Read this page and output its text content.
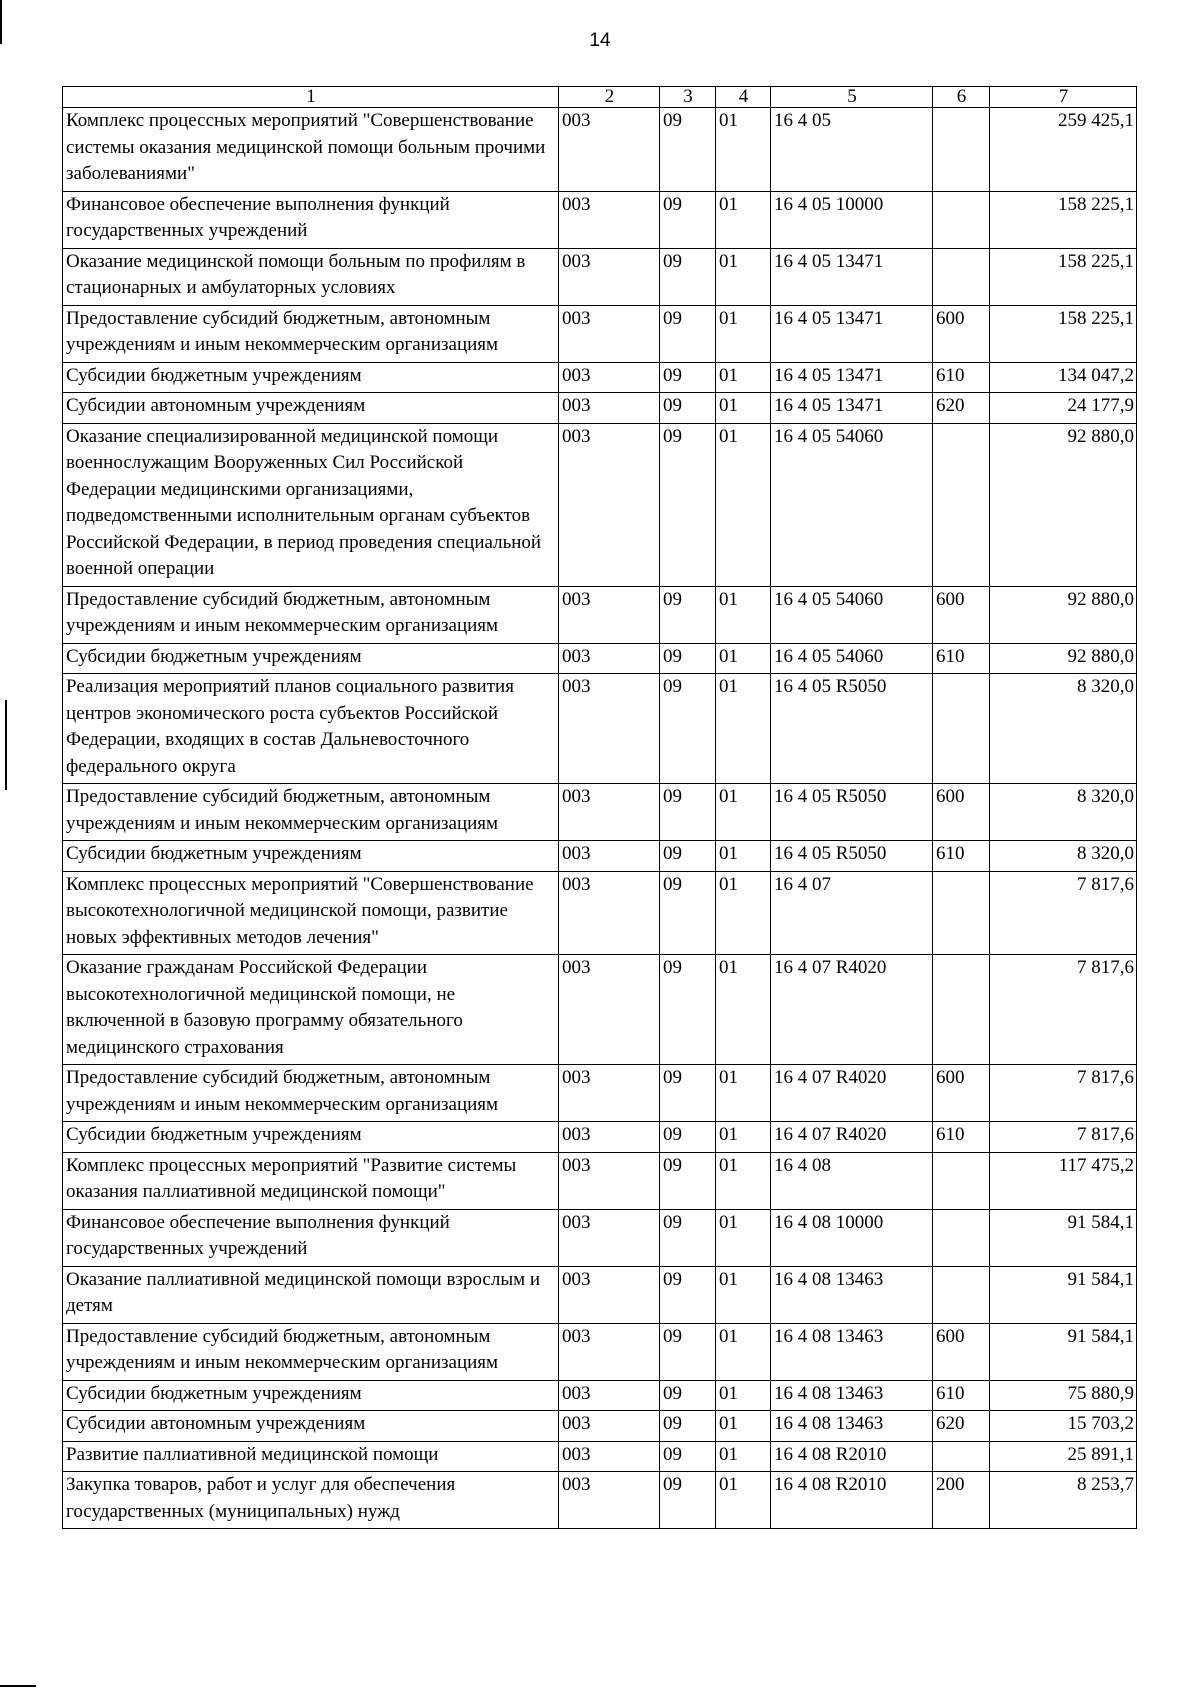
14
1	2	3	4	5	6	7
Комплекс процессных мероприятий "Совершенствование системы оказания медицинской помощи больным прочими заболеваниями"	003	09	01	16 4 05		259 425,1
Финансовое обеспечение выполнения функций государственных учреждений	003	09	01	16 4 05 10000		158 225,1
Оказание медицинской помощи больным по профилям в стационарных и амбулаторных условиях	003	09	01	16 4 05 13471		158 225,1
Предоставление субсидий бюджетным, автономным учреждениям и иным некоммерческим организациям	003	09	01	16 4 05 13471	600	158 225,1
Субсидии бюджетным учреждениям	003	09	01	16 4 05 13471	610	134 047,2
Субсидии автономным учреждениям	003	09	01	16 4 05 13471	620	24 177,9
Оказание специализированной медицинской помощи военнослужащим Вооруженных Сил Российской Федерации медицинскими организациями, подведомственными исполнительным органам субъектов Российской Федерации, в период проведения специальной военной операции	003	09	01	16 4 05 54060		92 880,0
Предоставление субсидий бюджетным, автономным учреждениям и иным некоммерческим организациям	003	09	01	16 4 05 54060	600	92 880,0
Субсидии бюджетным учреждениям	003	09	01	16 4 05 54060	610	92 880,0
Реализация мероприятий планов социального развития центров экономического роста субъектов Российской Федерации, входящих в состав Дальневосточного федерального округа	003	09	01	16 4 05 R5050		8 320,0
Предоставление субсидий бюджетным, автономным учреждениям и иным некоммерческим организациям	003	09	01	16 4 05 R5050	600	8 320,0
Субсидии бюджетным учреждениям	003	09	01	16 4 05 R5050	610	8 320,0
Комплекс процессных мероприятий "Совершенствование высокотехнологичной медицинской помощи, развитие новых эффективных методов лечения"	003	09	01	16 4 07		7 817,6
Оказание гражданам Российской Федерации высокотехнологичной медицинской помощи, не включенной в базовую программу обязательного медицинского страхования	003	09	01	16 4 07 R4020		7 817,6
Предоставление субсидий бюджетным, автономным учреждениям и иным некоммерческим организациям	003	09	01	16 4 07 R4020	600	7 817,6
Субсидии бюджетным учреждениям	003	09	01	16 4 07 R4020	610	7 817,6
Комплекс процессных мероприятий "Развитие системы оказания паллиативной медицинской помощи"	003	09	01	16 4 08		117 475,2
Финансовое обеспечение выполнения функций государственных учреждений	003	09	01	16 4 08 10000		91 584,1
Оказание паллиативной медицинской помощи взрослым и детям	003	09	01	16 4 08 13463		91 584,1
Предоставление субсидий бюджетным, автономным учреждениям и иным некоммерческим организациям	003	09	01	16 4 08 13463	600	91 584,1
Субсидии бюджетным учреждениям	003	09	01	16 4 08 13463	610	75 880,9
Субсидии автономным учреждениям	003	09	01	16 4 08 13463	620	15 703,2
Развитие паллиативной медицинской помощи	003	09	01	16 4 08 R2010		25 891,1
Закупка товаров, работ и услуг для обеспечения государственных (муниципальных) нужд	003	09	01	16 4 08 R2010	200	8 253,7
